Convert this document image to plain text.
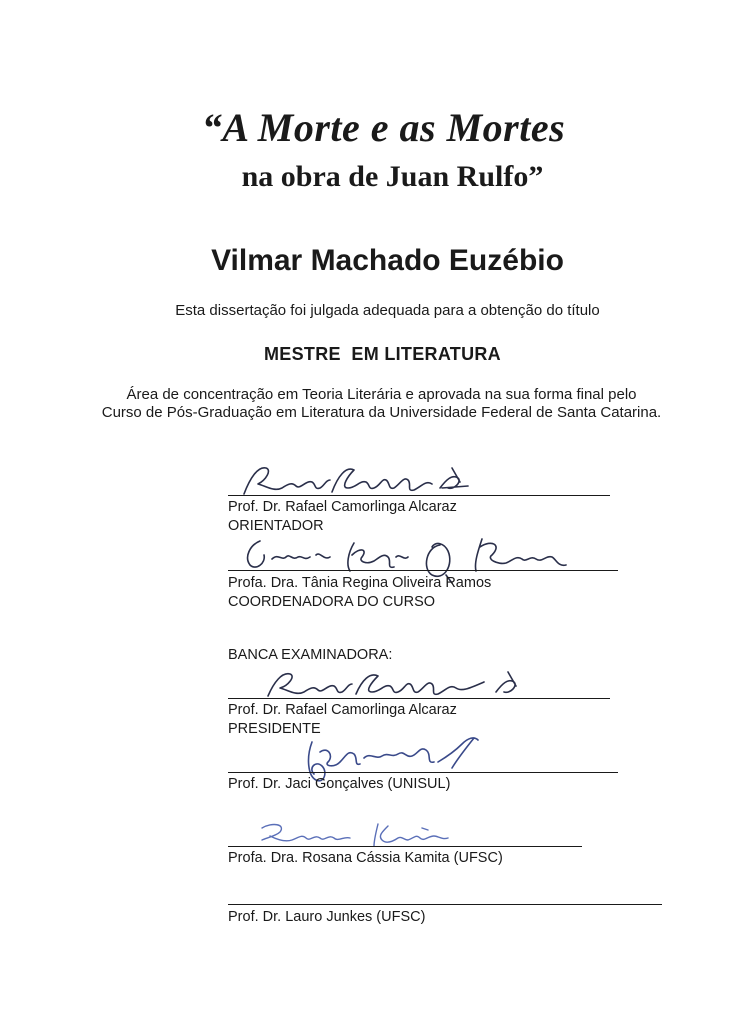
“A Morte e as Mortes
na obra de Juan Rulfo”
Vilmar Machado Euzébio
Esta dissertação foi julgada adequada para a obtenção do título
MESTRE  EM LITERATURA
Área de concentração em Teoria Literária e aprovada na sua forma final pelo
Curso de Pós-Graduação em Literatura da Universidade Federal de Santa Catarina.
Prof. Dr. Rafael Camorlinga Alcaraz
ORIENTADOR
Profa. Dra. Tânia Regina Oliveira Ramos
COORDENADORA DO CURSO
BANCA EXAMINADORA:
Prof. Dr. Rafael Camorlinga Alcaraz
PRESIDENTE
Prof. Dr. Jaci Gonçalves (UNISUL)
Profa. Dra. Rosana Cássia Kamita (UFSC)
Prof. Dr. Lauro Junkes (UFSC)
